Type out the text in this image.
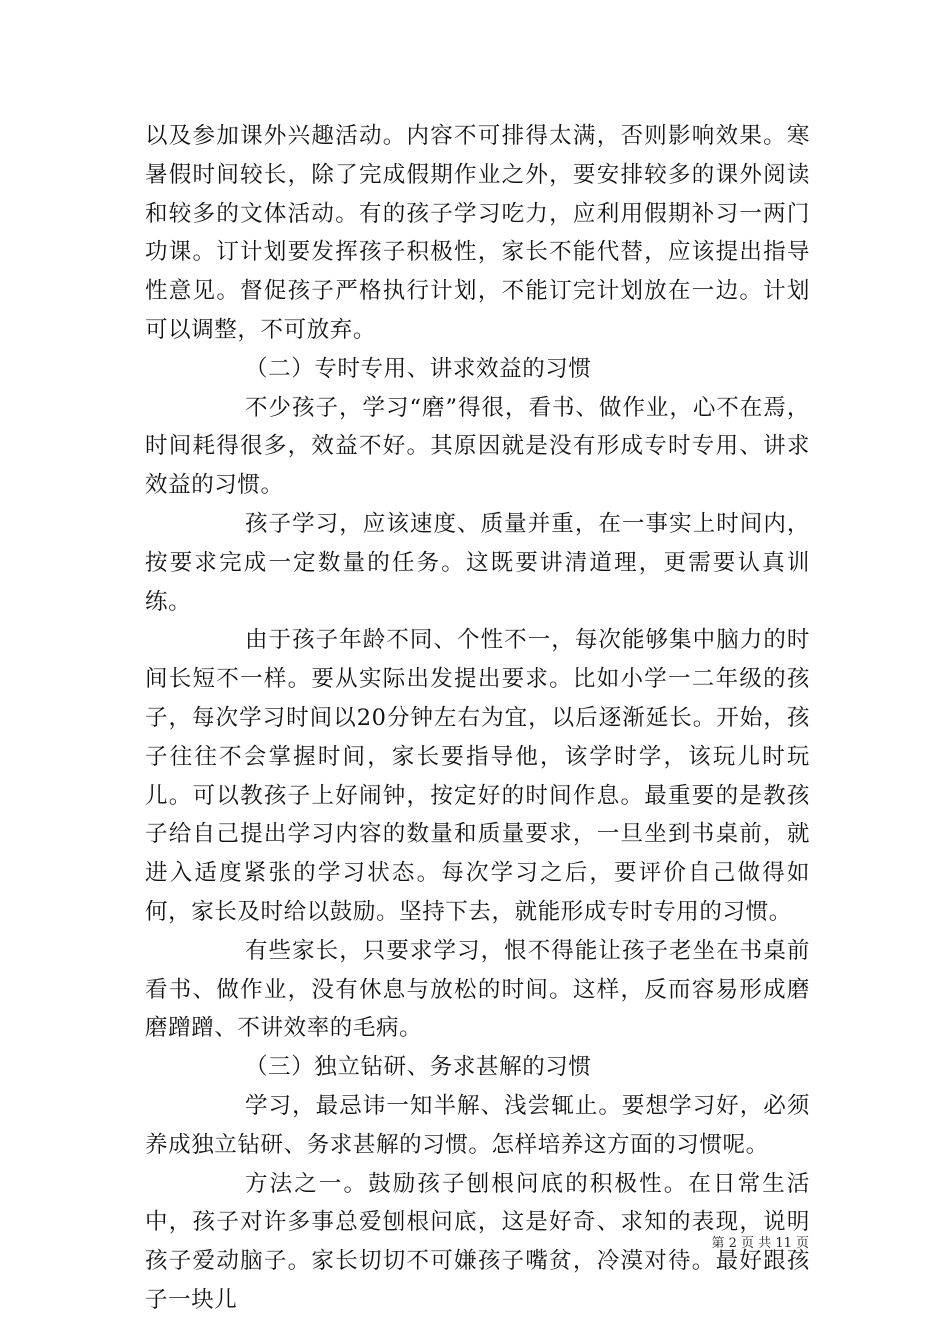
以及参加课外兴趣活动。内容不可排得太满，否则影响效果。寒暑假时间较长，除了完成假期作业之外，要安排较多的课外阅读和较多的文体活动。有的孩子学习吃力，应利用假期补习一两门功课。订计划要发挥孩子积极性，家长不能代替，应该提出指导性意见。督促孩子严格执行计划，不能订完计划放在一边。计划可以调整，不可放弃。

（二）专时专用、讲求效益的习惯

不少孩子，学习“磨”得很，看书、做作业，心不在焉，时间耗得很多，效益不好。其原因就是没有形成专时专用、讲求效益的习惯。

孩子学习，应该速度、质量并重，在一事实上时间内，按要求完成一定数量的任务。这既要讲清道理，更需要认真训练。

由于孩子年龄不同、个性不一，每次能够集中脑力的时间长短不一样。要从实际出发提出要求。比如小学一二年级的孩子，每次学习时间以20分钟左右为宜，以后逐渐延长。开始，孩子往往不会掌握时间，家长要指导他，该学时学，该玩儿时玩儿。可以教孩子上好闹钟，按定好的时间作息。最重要的是教孩子给自己提出学习内容的数量和质量要求，一旦坐到书桌前，就进入适度紧张的学习状态。每次学习之后，要评价自己做得如何，家长及时给以鼓励。坚持下去，就能形成专时专用的习惯。

有些家长，只要求学习，恨不得能让孩子老坐在书桌前看书、做作业，没有休息与放松的时间。这样，反而容易形成磨磨蹭蹭、不讲效率的毛病。

（三）独立钻研、务求甚解的习惯

学习，最忌讳一知半解、浅尝辄止。要想学习好，必须养成独立钻研、务求甚解的习惯。怎样培养这方面的习惯呢。

方法之一。鼓励孩子刨根问底的积极性。在日常生活中，孩子对许多事总爱刨根问底，这是好奇、求知的表现，说明孩子爱动脑子。家长切切不可嫌孩子嘴贫，冷漠对待。最好跟孩子一块儿

第 2 页 共 11 页
